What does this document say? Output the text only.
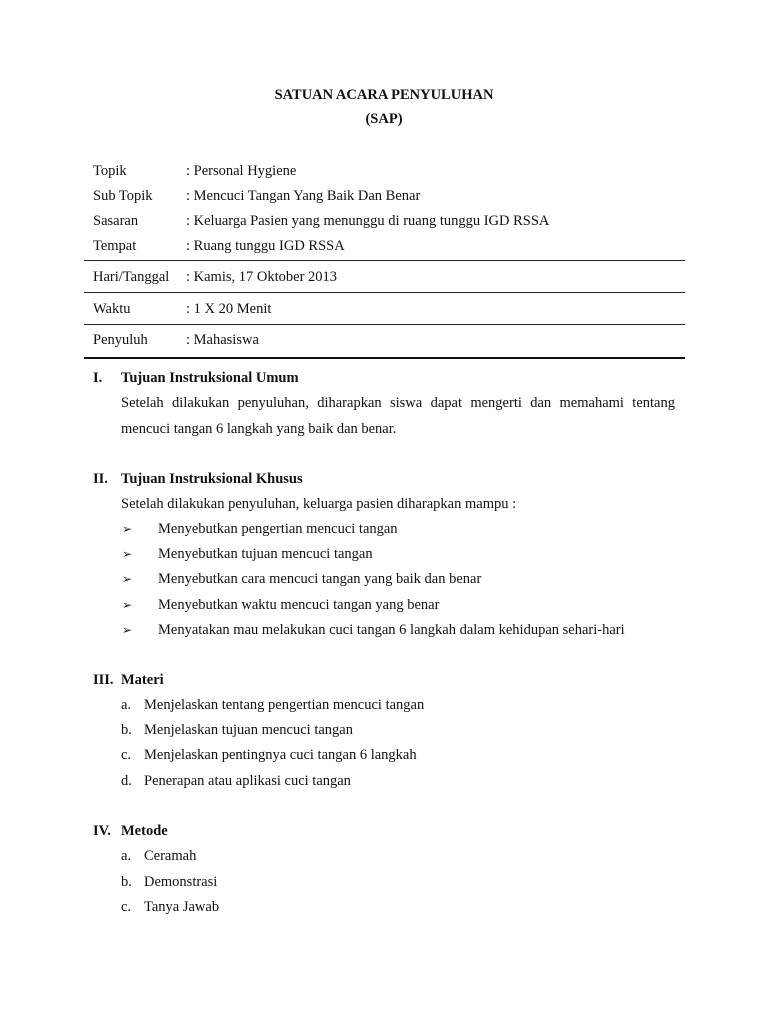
SATUAN ACARA PENYULUHAN
(SAP)
Topik	: Personal Hygiene
Sub Topik : Mencuci Tangan Yang Baik Dan Benar
Sasaran	: Keluarga Pasien yang menunggu di ruang tunggu IGD RSSA
Tempat	: Ruang tunggu IGD RSSA
Hari/Tanggal : Kamis, 17 Oktober 2013
Waktu	: 1 X 20 Menit
Penyuluh	: Mahasiswa
I. Tujuan Instruksional Umum
Setelah dilakukan penyuluhan, diharapkan siswa dapat mengerti dan memahami tentang
mencuci tangan 6 langkah yang baik dan benar.
II. Tujuan Instruksional Khusus
Setelah dilakukan penyuluhan, keluarga pasien diharapkan mampu :
➢ Menyebutkan pengertian mencuci tangan
➢ Menyebutkan tujuan mencuci tangan
➢ Menyebutkan cara mencuci tangan yang baik dan benar
➢ Menyebutkan waktu mencuci tangan yang benar
➢ Menyatakan mau melakukan cuci tangan 6 langkah dalam kehidupan sehari-hari
III. Materi
a. Menjelaskan tentang pengertian mencuci tangan
b. Menjelaskan tujuan mencuci tangan
c. Menjelaskan pentingnya cuci tangan 6 langkah
d. Penerapan atau aplikasi cuci tangan
IV. Metode
a. Ceramah
b. Demonstrasi
c. Tanya Jawab
